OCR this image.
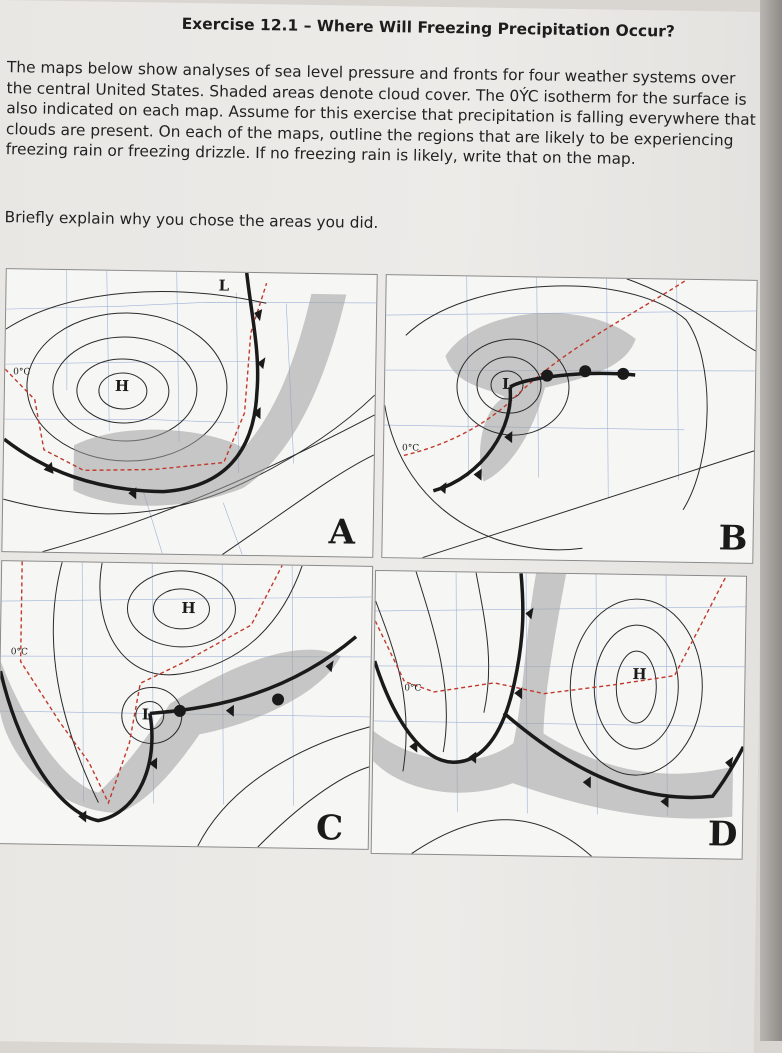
Exercise 12.1 – Where Will Freezing Precipitation Occur?

The maps below show analyses of sea level pressure and fronts for four weather systems over the central United States. Shaded areas denote cloud cover. The 0ÝC isotherm for the surface is also indicated on each map. Assume for this exercise that precipitation is falling everywhere that clouds are present. On each of the maps, outline the regions that are likely to be experiencing freezing rain or freezing drizzle. If no freezing rain is likely, write that on the map.

Briefly explain why you chose the areas you did.

H
L
0°C
A
L
0°C
B
H
L
0°C
C
H
0°C
D
